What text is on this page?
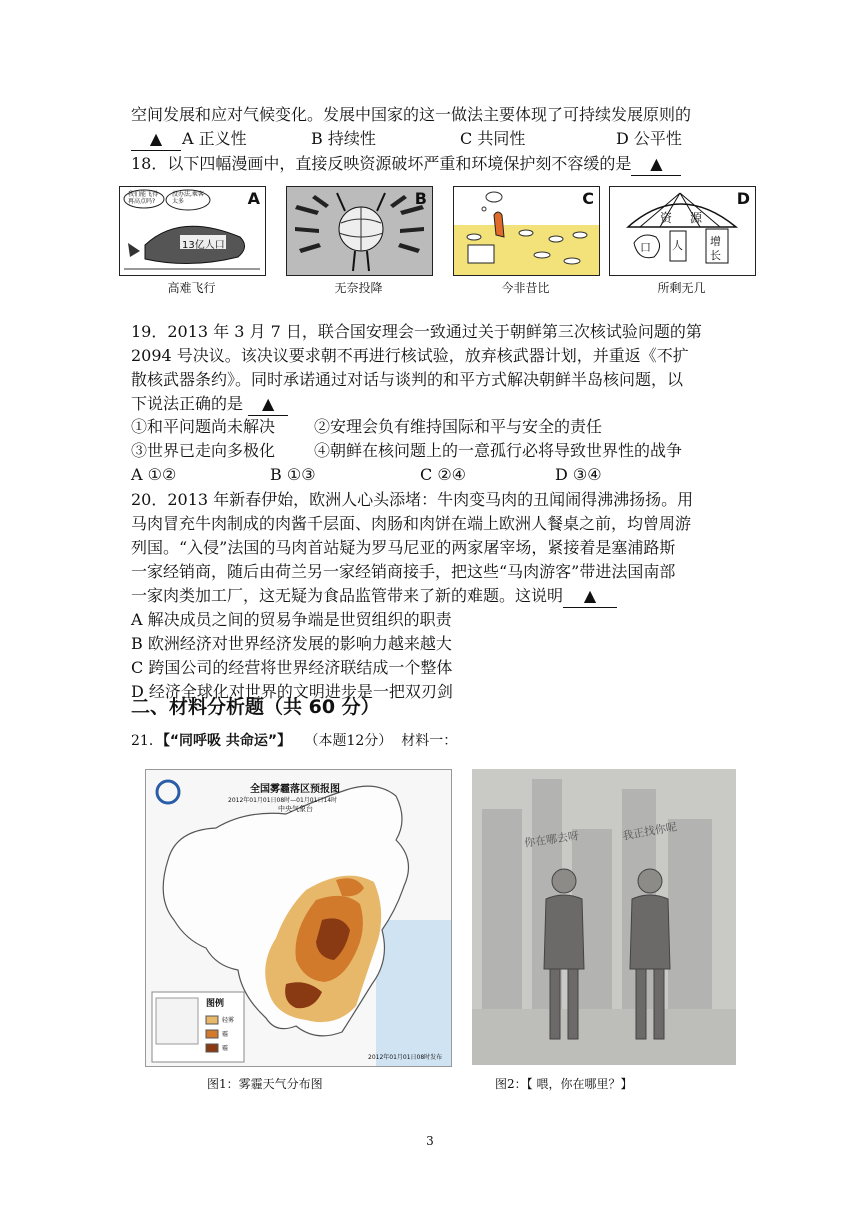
空间发展和应对气候变化。发展中国家的这一做法主要体现了可持续发展原则的
▲	A 正义性	B 持续性	C 共同性	D 公平性
18．以下四幅漫画中，直接反映资源破坏严重和环境保护刻不容缓的是 ▲
A
我们能飞得再高点吗?
没办法,乘客太多
13亿人口
高难飞行
B
无奈投降
C
今非昔比
D
资 源
人
口	增
长
所剩无几
19．2013 年 3 月 7 日，联合国安理会一致通过关于朝鲜第三次核试验问题的第
2094 号决议。该决议要求朝不再进行核试验，放弃核武器计划，并重返《不扩
散核武器条约》。同时承诺通过对话与谈判的和平方式解决朝鲜半岛核问题，以
下说法正确的是 ▲
①和平问题尚未解决 ②安理会负有维持国际和平与安全的责任
③世界已走向多极化 ④朝鲜在核问题上的一意孤行必将导致世界性的战争
A ①②	B ①③	C ②④	D ③④
20．2013 年新春伊始，欧洲人心头添堵：牛肉变马肉的丑闻闹得沸沸扬扬。用
马肉冒充牛肉制成的肉酱千层面、肉肠和肉饼在端上欧洲人餐桌之前，均曾周游
列国。“入侵”法国的马肉首站疑为罗马尼亚的两家屠宰场，紧接着是塞浦路斯
一家经销商，随后由荷兰另一家经销商接手，把这些“马肉游客”带进法国南部
一家肉类加工厂，这无疑为食品监管带来了新的难题。这说明 ▲
A 解决成员之间的贸易争端是世贸组织的职责
B 欧洲经济对世界经济发展的影响力越来越大
C 跨国公司的经营将世界经济联结成一个整体
D 经济全球化对世界的文明进步是一把双刃剑
二、材料分析题（共 60 分）
21．【“同呼吸 共命运”】 （本题12分） 材料一：
全国雾霾落区预报图
2012年01月01日08时—01月01日14时
中央气象台
图例
轻雾
霾
霾
2012年01月01日08时发布
图1：雾霾天气分布图
你在哪去呀	我正找你呢
图2：【 喂，你在哪里？】
3
